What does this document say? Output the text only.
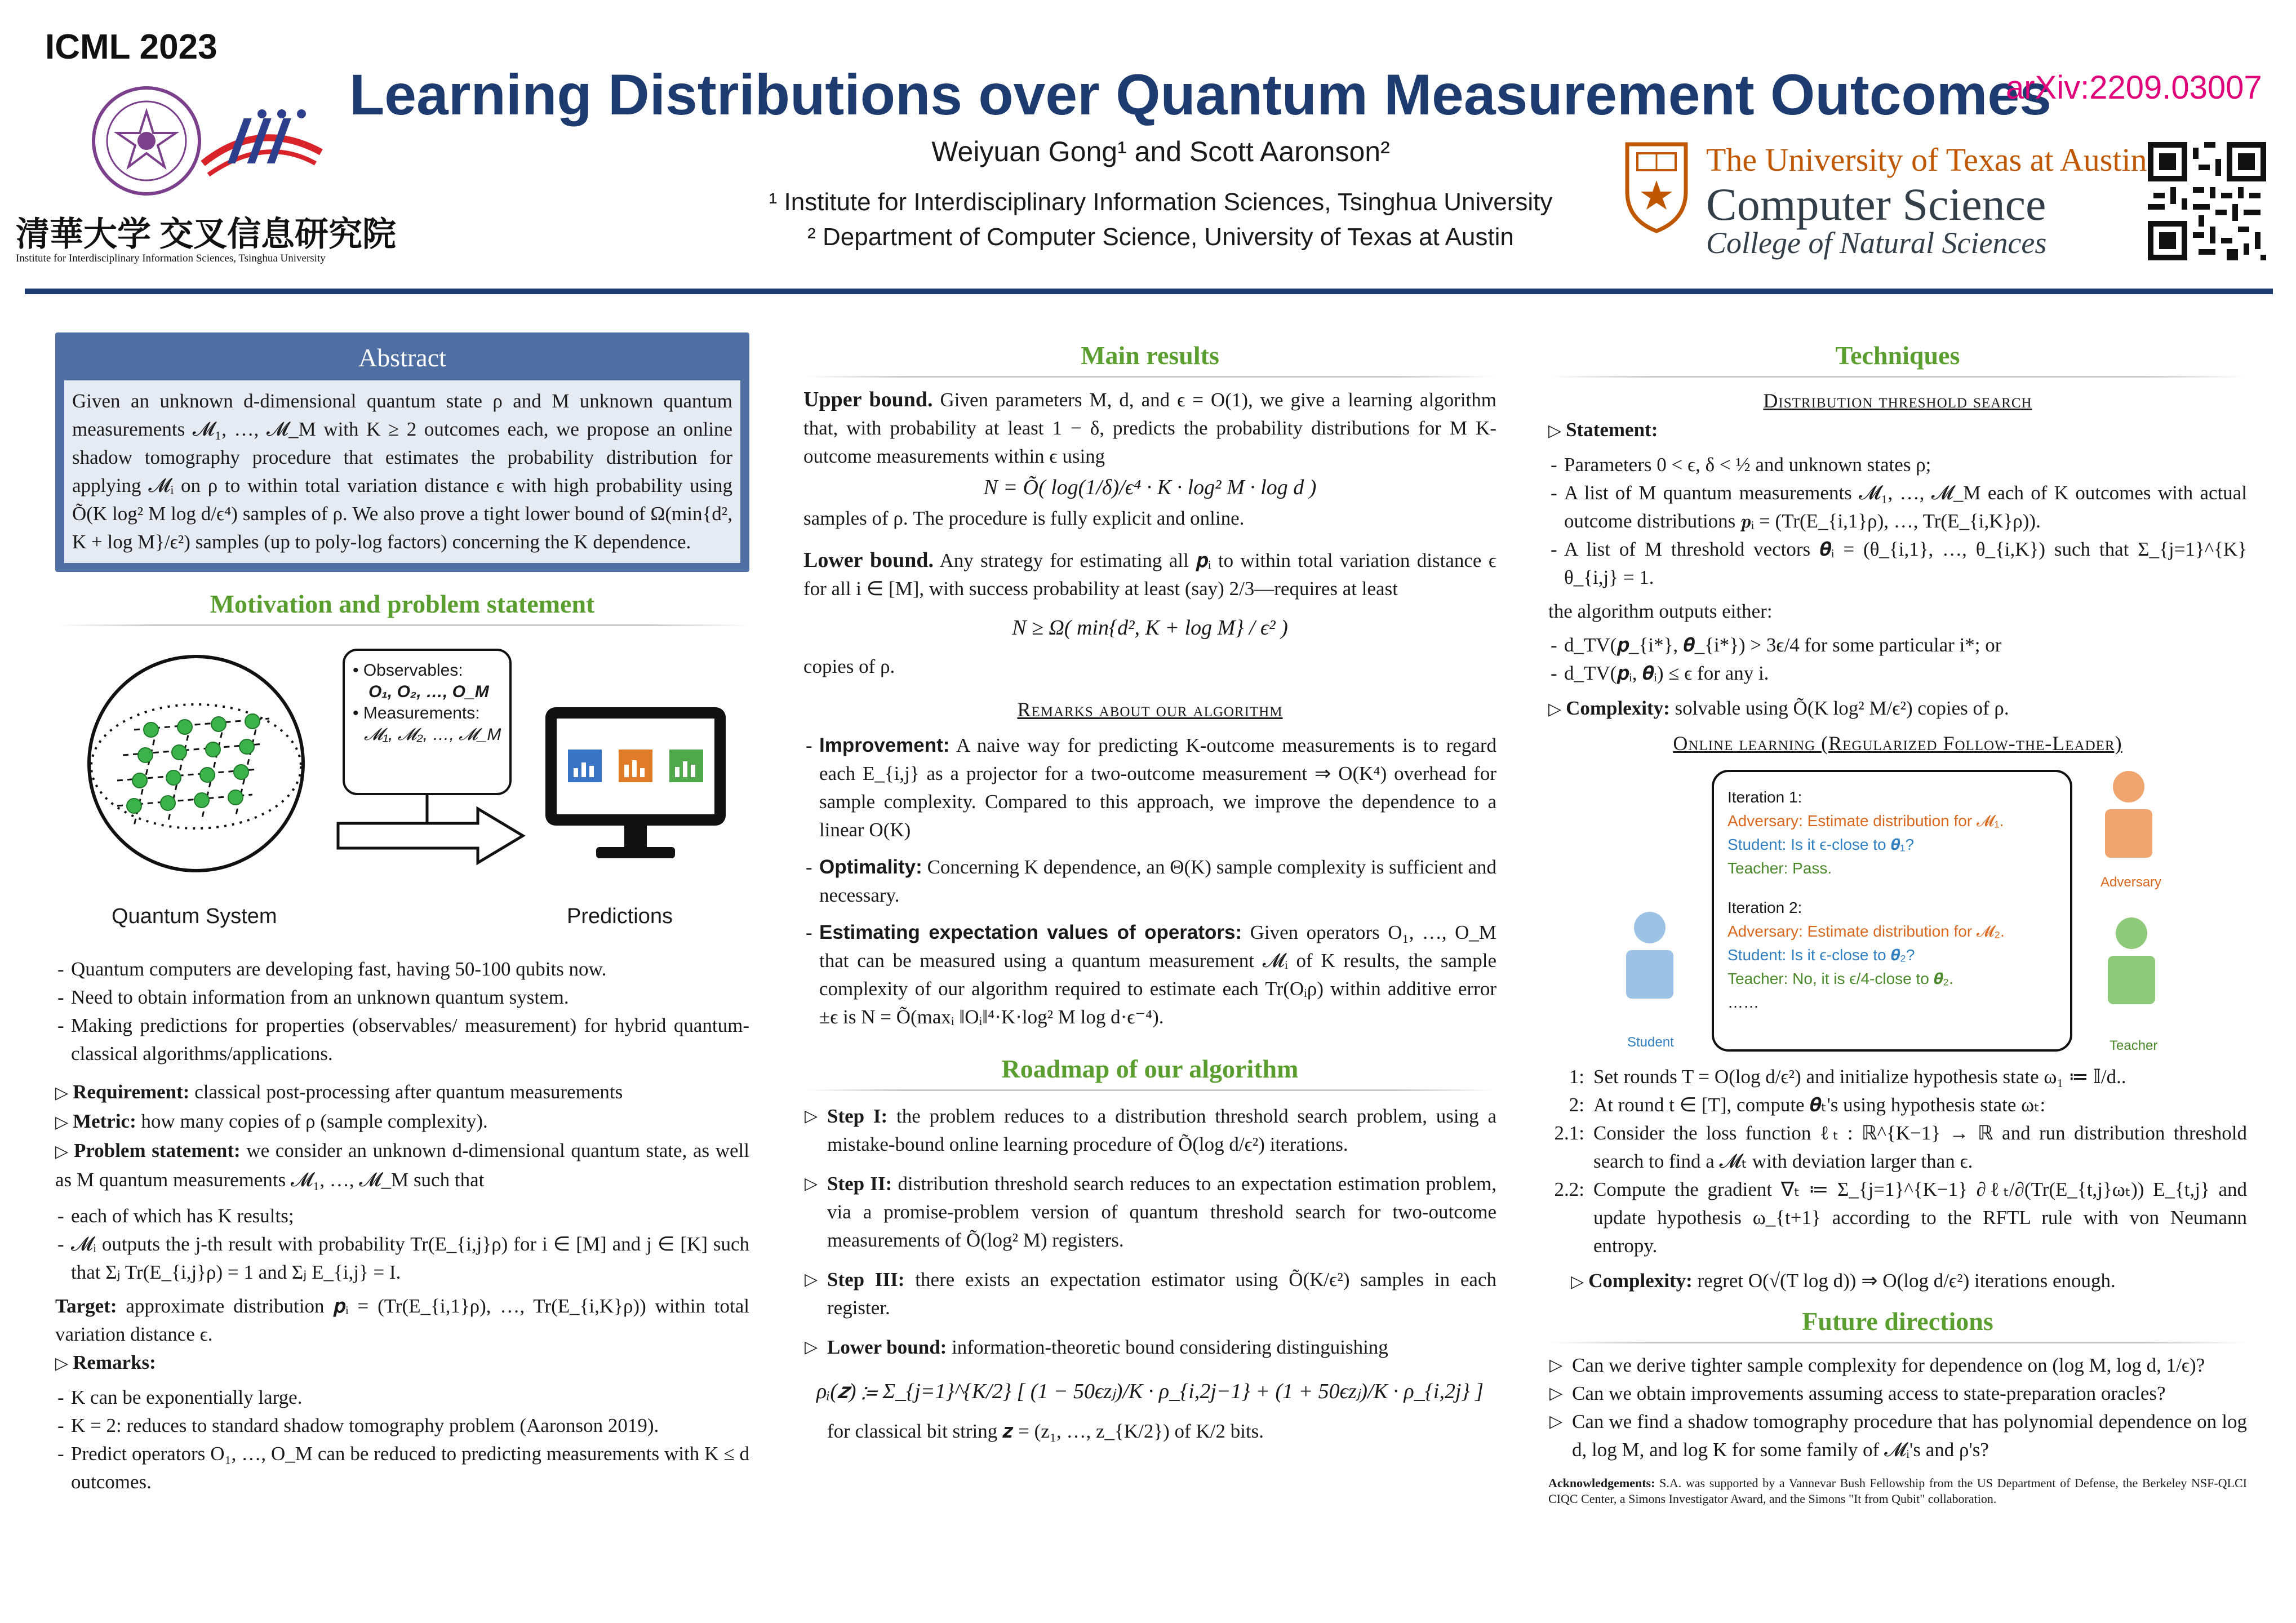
ICML 2023
Learning Distributions over Quantum Measurement Outcomes
arXiv:2209.03007
Weiyuan Gong¹ and Scott Aaronson²
¹ Institute for Interdisciplinary Information Sciences, Tsinghua University
² Department of Computer Science, University of Texas at Austin
清華大学 交叉信息研究院
Institute for Interdisciplinary Information Sciences, Tsinghua University
The University of Texas at Austin
Computer Science
College of Natural Sciences
Abstract
Given an unknown d-dimensional quantum state ρ and M unknown quantum measurements 𝓜₁, …, 𝓜_M with K ≥ 2 outcomes each, we propose an online shadow tomography procedure that estimates the probability distribution for applying 𝓜ᵢ on ρ to within total variation distance ϵ with high probability using Õ(K log² M log d/ϵ⁴) samples of ρ. We also prove a tight lower bound of Ω(min{d², K + log M}/ϵ²) samples (up to poly-log factors) concerning the K dependence.
Motivation and problem statement
• Observables:
O₁, O₂, …, O_M
• Measurements:
𝓜₁, 𝓜₂, …, 𝓜_M
Quantum System	Predictions
- Quantum computers are developing fast, having 50-100 qubits now.
- Need to obtain information from an unknown quantum system.
- Making predictions for properties (observables/ measurement) for hybrid quantum-classical algorithms/applications.

▷ Requirement: classical post-processing after quantum measurements

▷ Metric: how many copies of ρ (sample complexity).

▷ Problem statement: we consider an unknown d-dimensional quantum state, as well as M quantum measurements 𝓜₁, …, 𝓜_M such that

- each of which has K results;
- 𝓜ᵢ outputs the j-th result with probability Tr(E_{i,j}ρ) for i ∈ [M] and j ∈ [K] such that Σⱼ Tr(E_{i,j}ρ) = 1 and Σⱼ E_{i,j} = I.

Target: approximate distribution 𝒑ᵢ = (Tr(E_{i,1}ρ), …, Tr(E_{i,K}ρ)) within total variation distance ϵ.

▷ Remarks:

- K can be exponentially large.
- K = 2: reduces to standard shadow tomography problem (Aaronson 2019).
- Predict operators O₁, …, O_M can be reduced to predicting measurements with K ≤ d outcomes.
Main results

Upper bound. Given parameters M, d, and ϵ = O(1), we give a learning algorithm that, with probability at least 1 − δ, predicts the probability distributions for M K-outcome measurements within ϵ using

N = Õ( log(1/δ)/ϵ⁴ · K · log² M · log d )

samples of ρ. The procedure is fully explicit and online.

Lower bound. Any strategy for estimating all 𝒑ᵢ to within total variation distance ϵ for all i ∈ [M], with success probability at least (say) 2/3—requires at least

N ≥ Ω( min{d², K + log M} / ϵ² )

copies of ρ.

Remarks about our algorithm
- Improvement: A naive way for predicting K-outcome measurements is to regard each E_{i,j} as a projector for a two-outcome measurement ⇒ O(K⁴) overhead for sample complexity. Compared to this approach, we improve the dependence to a linear O(K)
- Optimality: Concerning K dependence, an Θ(K) sample complexity is sufficient and necessary.
- Estimating expectation values of operators: Given operators O₁, …, O_M that can be measured using a quantum measurement 𝓜ᵢ of K results, the sample complexity of our algorithm required to estimate each Tr(Oᵢρ) within additive error ±ϵ is N = Õ(maxᵢ ‖Oᵢ‖⁴·K·log² M log d·ϵ⁻⁴).
Roadmap of our algorithm
▷ Step I: the problem reduces to a distribution threshold search problem, using a mistake-bound online learning procedure of Õ(log d/ϵ²) iterations.
▷ Step II: distribution threshold search reduces to an expectation estimation problem, via a promise-problem version of quantum threshold search for two-outcome measurements of Õ(log² M) registers.
▷ Step III: there exists an expectation estimator using Õ(K/ϵ²) samples in each register.
▷ Lower bound: information-theoretic bound considering distinguishing
ρᵢ(𝒛) ≔ Σ_{j=1}^{K/2} [ (1 − 50ϵzⱼ)/K · ρ_{i,2j−1} + (1 + 50ϵzⱼ)/K · ρ_{i,2j} ]

for classical bit string 𝒛 = (z₁, …, z_{K/2}) of K/2 bits.

Techniques
Distribution threshold search

▷ Statement:

- Parameters 0 < ϵ, δ < ½ and unknown states ρ;
- A list of M quantum measurements 𝓜₁, …, 𝓜_M each of K outcomes with actual outcome distributions 𝒑ᵢ = (Tr(E_{i,1}ρ), …, Tr(E_{i,K}ρ)).
- A list of M threshold vectors 𝜽ᵢ = (θ_{i,1}, …, θ_{i,K}) such that Σ_{j=1}^{K} θ_{i,j} = 1.

the algorithm outputs either:

- d_TV(𝒑_{i*}, 𝜽_{i*}) > 3ϵ/4 for some particular i*; or
- d_TV(𝒑ᵢ, 𝜽ᵢ) ≤ ϵ for any i.

▷ Complexity: solvable using Õ(K log² M/ϵ²) copies of ρ.

Online learning (Regularized Follow-the-Leader)
Student
Iteration 1:
Adversary: Estimate distribution for 𝓜₁.
Student: Is it ϵ-close to 𝜽̃₁?
Teacher: Pass.
Iteration 2:
Adversary: Estimate distribution for 𝓜₂.
Student: Is it ϵ-close to 𝜽̃₂?
Teacher: No, it is ϵ/4-close to 𝜽̃₂.
……
Adversary
Teacher
1: Set rounds T = O(log d/ϵ²) and initialize hypothesis state ω₁ ≔ 𝕀/d..
2: At round t ∈ [T], compute 𝜽ₜ's using hypothesis state ωₜ:
2.1: Consider the loss function ℓₜ : ℝ^{K−1} → ℝ and run distribution threshold search to find a 𝓜ₜ with deviation larger than ϵ.
2.2: Compute the gradient ∇ₜ ≔ Σ_{j=1}^{K−1} ∂ℓₜ/∂(Tr(E_{t,j}ωₜ)) E_{t,j} and update hypothesis ω_{t+1} according to the RFTL rule with von Neumann entropy.

▷ Complexity: regret O(√(T log d)) ⇒ O(log d/ϵ²) iterations enough.

Future directions
▷ Can we derive tighter sample complexity for dependence on (log M, log d, 1/ϵ)?
▷ Can we obtain improvements assuming access to state-preparation oracles?
▷ Can we find a shadow tomography procedure that has polynomial dependence on log d, log M, and log K for some family of 𝓜ᵢ's and ρ's?
Acknowledgements: S.A. was supported by a Vannevar Bush Fellowship from the US Department of Defense, the Berkeley NSF-QLCI CIQC Center, a Simons Investigator Award, and the Simons "It from Qubit" collaboration.
